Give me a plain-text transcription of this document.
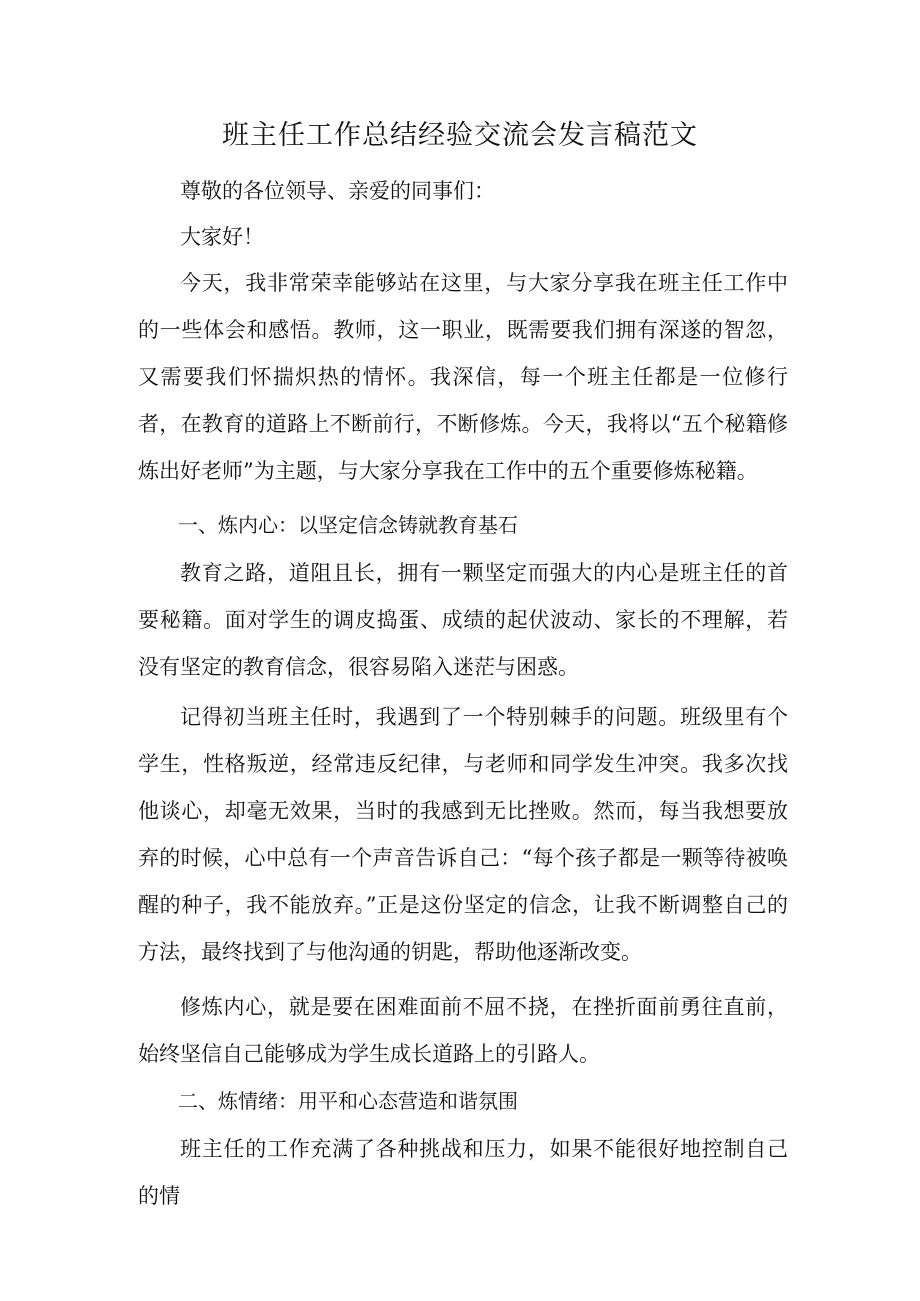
班主任工作总结经验交流会发言稿范文

尊敬的各位领导、亲爱的同事们：

大家好！

今天，我非常荣幸能够站在这里，与大家分享我在班主任工作中的一些体会和感悟。教师，这一职业，既需要我们拥有深遂的智忽，又需要我们怀揣炽热的情怀。我深信，每一个班主任都是一位修行者，在教育的道路上不断前行，不断修炼。今天，我将以“五个秘籍修炼出好老师”为主题，与大家分享我在工作中的五个重要修炼秘籍。

一、炼内心：以坚定信念铸就教育基石

教育之路，道阻且长，拥有一颗坚定而强大的内心是班主任的首要秘籍。面对学生的调皮捣蛋、成绩的起伏波动、家长的不理解，若没有坚定的教育信念，很容易陷入迷茫与困惑。

记得初当班主任时，我遇到了一个特别棘手的问题。班级里有个学生，性格叛逆，经常违反纪律，与老师和同学发生冲突。我多次找他谈心，却毫无效果，当时的我感到无比挫败。然而，每当我想要放弃的时候，心中总有一个声音告诉自己：“每个孩子都是一颗等待被唤醒的种子，我不能放弃。”正是这份坚定的信念，让我不断调整自己的方法，最终找到了与他沟通的钥匙，帮助他逐渐改变。

修炼内心，就是要在困难面前不屈不挠，在挫折面前勇往直前，始终坚信自己能够成为学生成长道路上的引路人。

二、炼情绪：用平和心态营造和谐氛围

班主任的工作充满了各种挑战和压力，如果不能很好地控制自己的情
